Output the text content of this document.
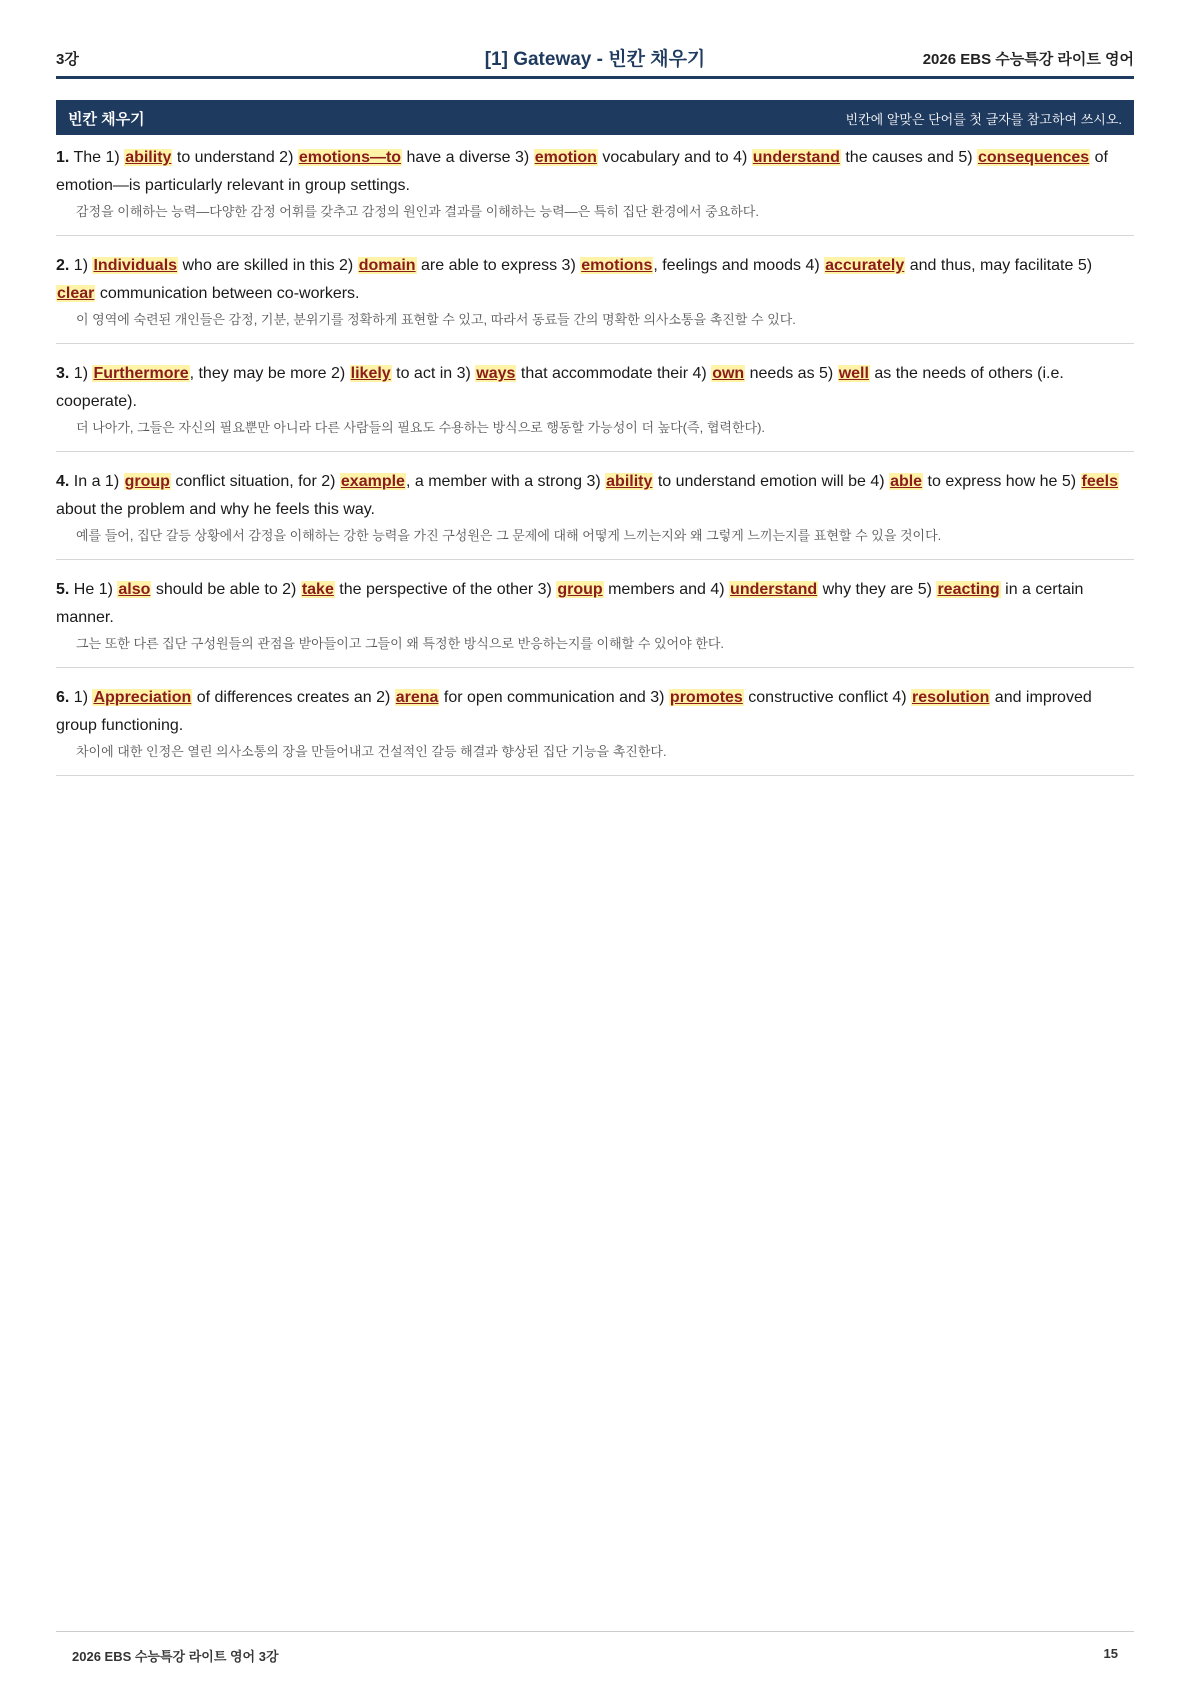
3강	[1] Gateway - 빈칸 채우기	2026 EBS 수능특강 라이트 영어
빈칸 채우기	빈칸에 알맞은 단어를 첫 글자를 참고하여 쓰시오.
1. The 1) ability to understand 2) emotions—to have a diverse 3) emotion vocabulary and to 4) understand the causes and 5) consequences of emotion—is particularly relevant in group settings.
감정을 이해하는 능력—다양한 감정 어휘를 갖추고 감정의 원인과 결과를 이해하는 능력—은 특히 집단 환경에서 중요하다.
2. 1) Individuals who are skilled in this 2) domain are able to express 3) emotions, feelings and moods 4) accurately and thus, may facilitate 5) clear communication between co-workers.
이 영역에 숙련된 개인들은 감정, 기분, 분위기를 정확하게 표현할 수 있고, 따라서 동료들 간의 명확한 의사소통을 촉진할 수 있다.
3. 1) Furthermore, they may be more 2) likely to act in 3) ways that accommodate their 4) own needs as 5) well as the needs of others (i.e. cooperate).
더 나아가, 그들은 자신의 필요뿐만 아니라 다른 사람들의 필요도 수용하는 방식으로 행동할 가능성이 더 높다(즉, 협력한다).
4. In a 1) group conflict situation, for 2) example, a member with a strong 3) ability to understand emotion will be 4) able to express how he 5) feels about the problem and why he feels this way.
예를 들어, 집단 갈등 상황에서 감정을 이해하는 강한 능력을 가진 구성원은 그 문제에 대해 어떻게 느끼는지와 왜 그렇게 느끼는지를 표현할 수 있을 것이다.
5. He 1) also should be able to 2) take the perspective of the other 3) group members and 4) understand why they are 5) reacting in a certain manner.
그는 또한 다른 집단 구성원들의 관점을 받아들이고 그들이 왜 특정한 방식으로 반응하는지를 이해할 수 있어야 한다.
6. 1) Appreciation of differences creates an 2) arena for open communication and 3) promotes constructive conflict 4) resolution and improved group functioning.
차이에 대한 인정은 열린 의사소통의 장을 만들어내고 건설적인 갈등 해결과 향상된 집단 기능을 촉진한다.
2026 EBS 수능특강 라이트 영어 3강	15
